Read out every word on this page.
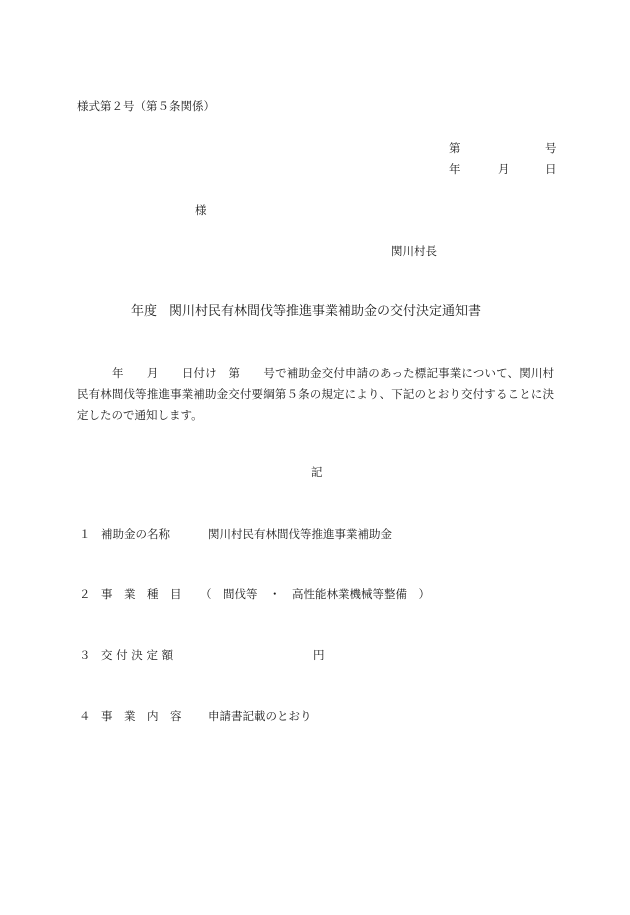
様式第２号（第５条関係）
第	号
年	月	日
様
関川村長
年度 関川村民有林間伐等推進事業補助金の交付決定通知書
　　　年　　月　　日付け　第　　号で補助金交付申請のあった標記事業について、関川村民有林間伐等推進事業補助金交付要綱第５条の規定により、下記のとおり交付することに決定したので通知します。
記
１ 補助金の名称	関川村民有林間伐等推進事業補助金
２ 事　業　種　目 （　間伐等　・　高性能林業機械等整備　）
３ 交 付 決 定 額	円
４ 事　業　内　容 申請書記載のとおり
